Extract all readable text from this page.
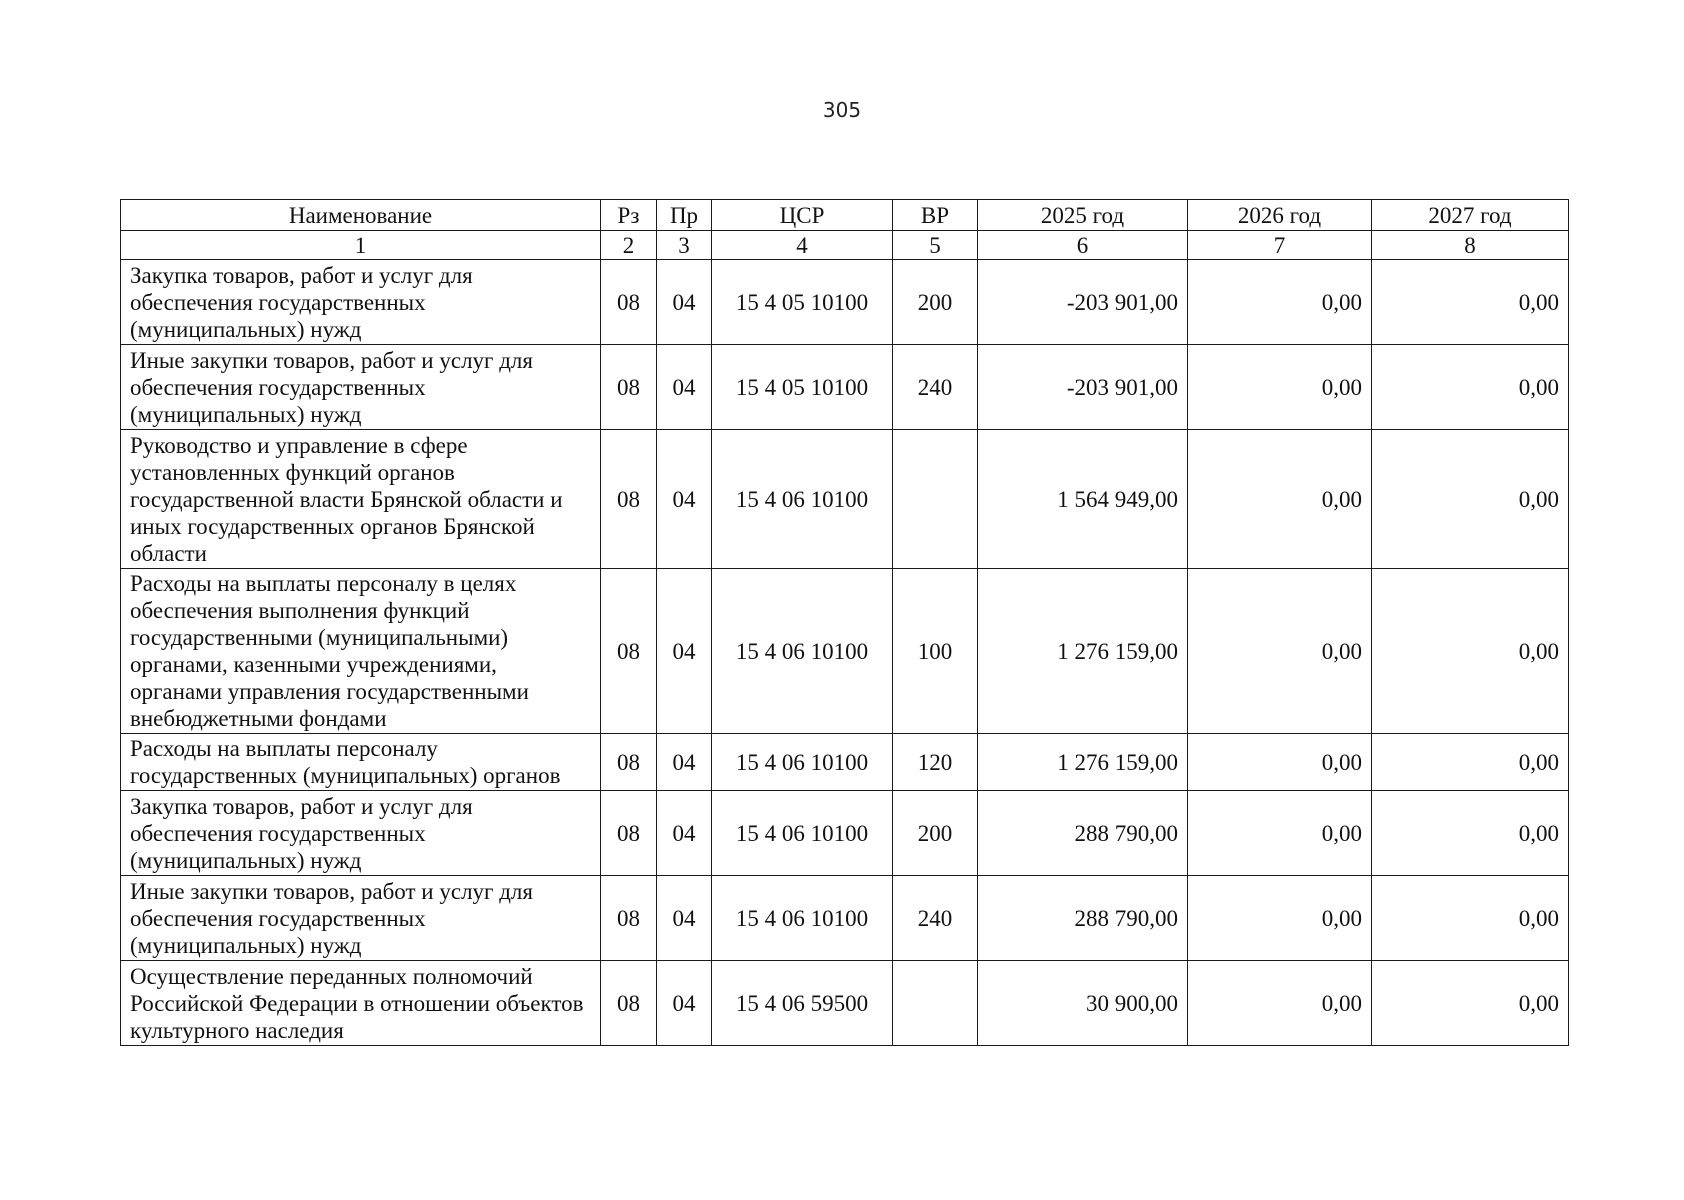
305
Наименование	Рз	Пр	ЦСР	ВР	2025 год	2026 год	2027 год
1	2	3	4	5	6	7	8
Закупка товаров, работ и услуг для обеспечения государственных (муниципальных) нужд	08	04	15 4 05 10100	200	-203 901,00	0,00	0,00
Иные закупки товаров, работ и услуг для обеспечения государственных (муниципальных) нужд	08	04	15 4 05 10100	240	-203 901,00	0,00	0,00
Руководство и управление в сфере установленных функций органов государственной власти Брянской области и иных государственных органов Брянской области	08	04	15 4 06 10100		1 564 949,00	0,00	0,00
Расходы на выплаты персоналу в целях обеспечения выполнения функций государственными (муниципальными) органами, казенными учреждениями, органами управления государственными внебюджетными фондами	08	04	15 4 06 10100	100	1 276 159,00	0,00	0,00
Расходы на выплаты персоналу государственных (муниципальных) органов	08	04	15 4 06 10100	120	1 276 159,00	0,00	0,00
Закупка товаров, работ и услуг для обеспечения государственных (муниципальных) нужд	08	04	15 4 06 10100	200	288 790,00	0,00	0,00
Иные закупки товаров, работ и услуг для обеспечения государственных (муниципальных) нужд	08	04	15 4 06 10100	240	288 790,00	0,00	0,00
Осуществление переданных полномочий Российской Федерации в отношении объектов культурного наследия	08	04	15 4 06 59500		30 900,00	0,00	0,00
